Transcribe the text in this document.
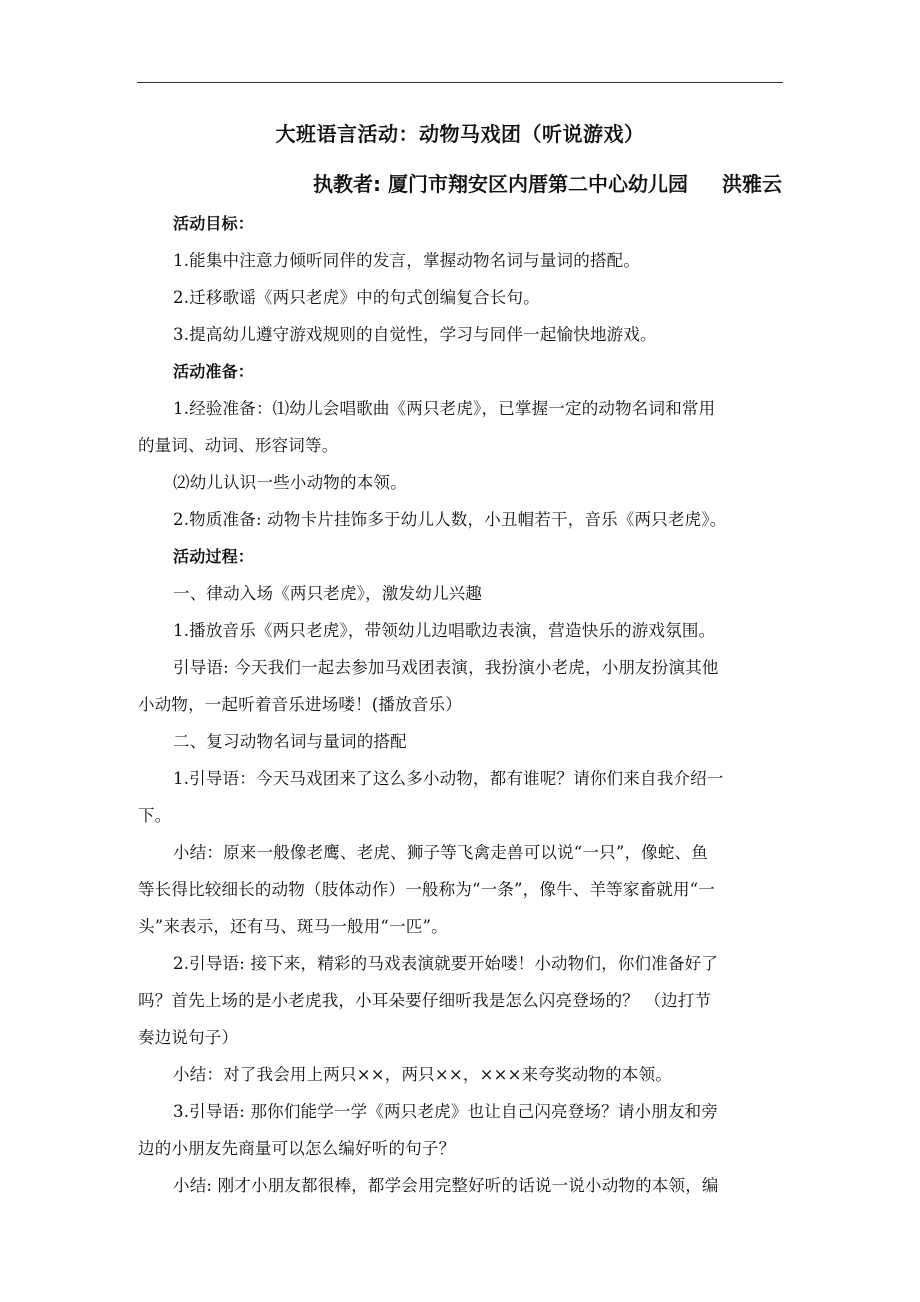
大班语言活动：动物马戏团（听说游戏）
执教者: 厦门市翔安区内厝第二中心幼儿园 洪雅云
活动目标：
1.能集中注意力倾听同伴的发言，掌握动物名词与量词的搭配。
2.迁移歌谣《两只老虎》中的句式创编复合长句。
3.提高幼儿遵守游戏规则的自觉性，学习与同伴一起愉快地游戏。
活动准备：
1.经验准备：⑴幼儿会唱歌曲《两只老虎》，已掌握一定的动物名词和常用
的量词、动词、形容词等。
⑵幼儿认识一些小动物的本领。
2.物质准备: 动物卡片挂饰多于幼儿人数，小丑帽若干，音乐《两只老虎》。
活动过程：
一、律动入场《两只老虎》，激发幼儿兴趣
1.播放音乐《两只老虎》，带领幼儿边唱歌边表演，营造快乐的游戏氛围。
引导语: 今天我们一起去参加马戏团表演，我扮演小老虎，小朋友扮演其他
小动物，一起听着音乐进场喽！(播放音乐）
二、复习动物名词与量词的搭配
1.引导语：今天马戏团来了这么多小动物，都有谁呢？请你们来自我介绍一
下。
小结：原来一般像老鹰、老虎、狮子等飞禽走兽可以说“一只”，像蛇、鱼
等长得比较细长的动物（肢体动作）一般称为“一条”，像牛、羊等家畜就用“一
头”来表示，还有马、斑马一般用“一匹”。
2.引导语: 接下来，精彩的马戏表演就要开始喽！小动物们，你们准备好了
吗？首先上场的是小老虎我，小耳朵要仔细听我是怎么闪亮登场的？ （边打节
奏边说句子）
小结：对了我会用上两只××，两只××，×××来夸奖动物的本领。
3.引导语: 那你们能学一学《两只老虎》也让自己闪亮登场？请小朋友和旁
边的小朋友先商量可以怎么编好听的句子？
小结: 刚才小朋友都很棒，都学会用完整好听的话说一说小动物的本领，编
